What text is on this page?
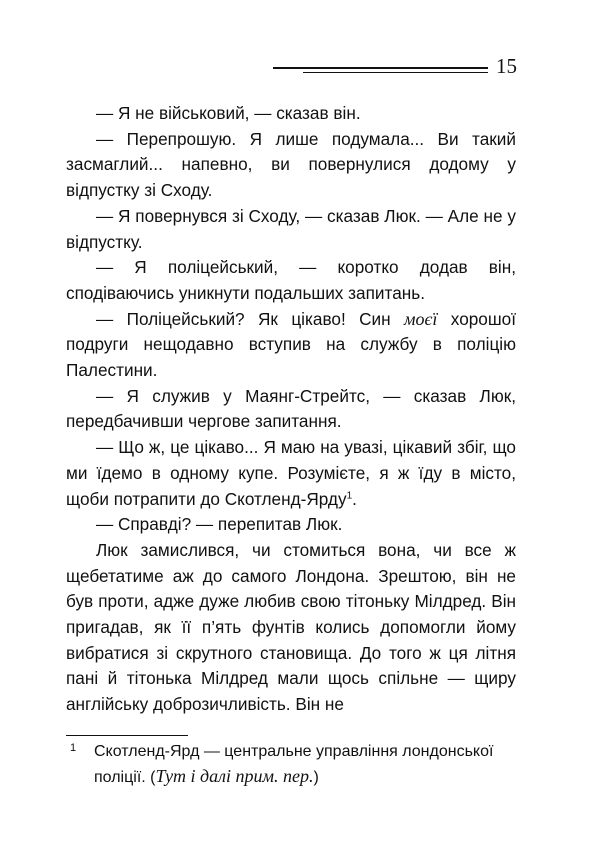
15

— Я не військовий, — сказав він.

— Перепрошую. Я лише подумала... Ви такий засмаглий... напевно, ви повернулися додому у відпустку зі Сходу.

— Я повернувся зі Сходу, — сказав Люк. — Але не у відпустку.

— Я поліцейський, — коротко додав він, сподіваючись уникнути подальших запитань.

— Поліцейський? Як цікаво! Син моєї хорошої подруги нещодавно вступив на службу в поліцію Палестини.

— Я служив у Маянг-Стрейтс, — сказав Люк, передбачивши чергове запитання.

— Що ж, це цікаво... Я маю на увазі, цікавий збіг, що ми їдемо в одному купе. Розумієте, я ж їду в місто, щоби потрапити до Скотленд-Ярду$^1$.

— Справді? — перепитав Люк.

Люк замислився, чи стомиться вона, чи все ж щебетатиме аж до самого Лондона. Зрештою, він не був проти, адже дуже любив свою тітоньку Мілдред. Він пригадав, як її п’ять фунтів колись допомогли йому вибратися зі скрутного становища. До того ж ця літня пані й тітонька Мілдред мали щось спільне — щиру англійську доброзичливість. Він не

1 Скотленд-Ярд — центральне управління лондонської поліції. (Тут і далі прим. пер.)
